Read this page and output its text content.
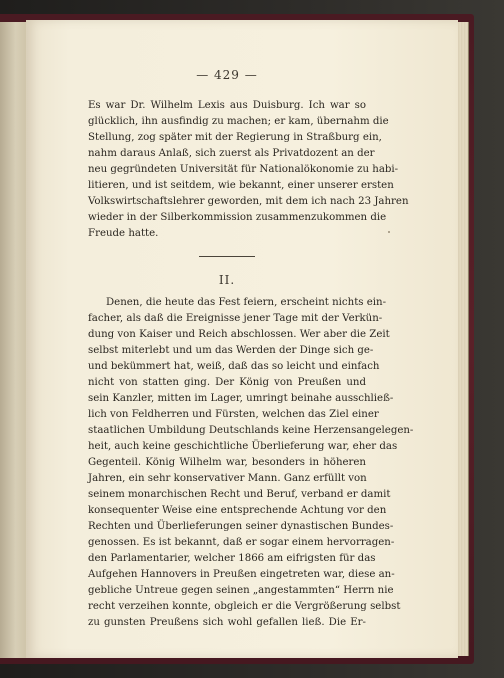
— 429 —
Es war Dr. Wilhelm Lexis aus Duisburg. Ich war so
glücklich, ihn ausfindig zu machen; er kam, übernahm die
Stellung, zog später mit der Regierung in Straßburg ein,
nahm daraus Anlaß, sich zuerst als Privatdozent an der
neu gegründeten Universität für Nationalökonomie zu habi-
litieren, und ist seitdem, wie bekannt, einer unserer ersten
Volkswirtschaftslehrer geworden, mit dem ich nach 23 Jahren
wieder in der Silberkommission zusammenzukommen die
Freude hatte.
II.
Denen, die heute das Fest feiern, erscheint nichts ein-
facher, als daß die Ereignisse jener Tage mit der Verkün-
dung von Kaiser und Reich abschlossen. Wer aber die Zeit
selbst miterlebt und um das Werden der Dinge sich ge-
und bekümmert hat, weiß, daß das so leicht und einfach
nicht von statten ging. Der König von Preußen und
sein Kanzler, mitten im Lager, umringt beinahe ausschließ-
lich von Feldherren und Fürsten, welchen das Ziel einer
staatlichen Umbildung Deutschlands keine Herzensangelegen-
heit, auch keine geschichtliche Überlieferung war, eher das
Gegenteil. König Wilhelm war, besonders in höheren
Jahren, ein sehr konservativer Mann. Ganz erfüllt von
seinem monarchischen Recht und Beruf, verband er damit
konsequenter Weise eine entsprechende Achtung vor den
Rechten und Überlieferungen seiner dynastischen Bundes-
genossen. Es ist bekannt, daß er sogar einem hervorragen-
den Parlamentarier, welcher 1866 am eifrigsten für das
Aufgehen Hannovers in Preußen eingetreten war, diese an-
gebliche Untreue gegen seinen „angestammten“ Herrn nie
recht verzeihen konnte, obgleich er die Vergrößerung selbst
zu gunsten Preußens sich wohl gefallen ließ. Die Er-
